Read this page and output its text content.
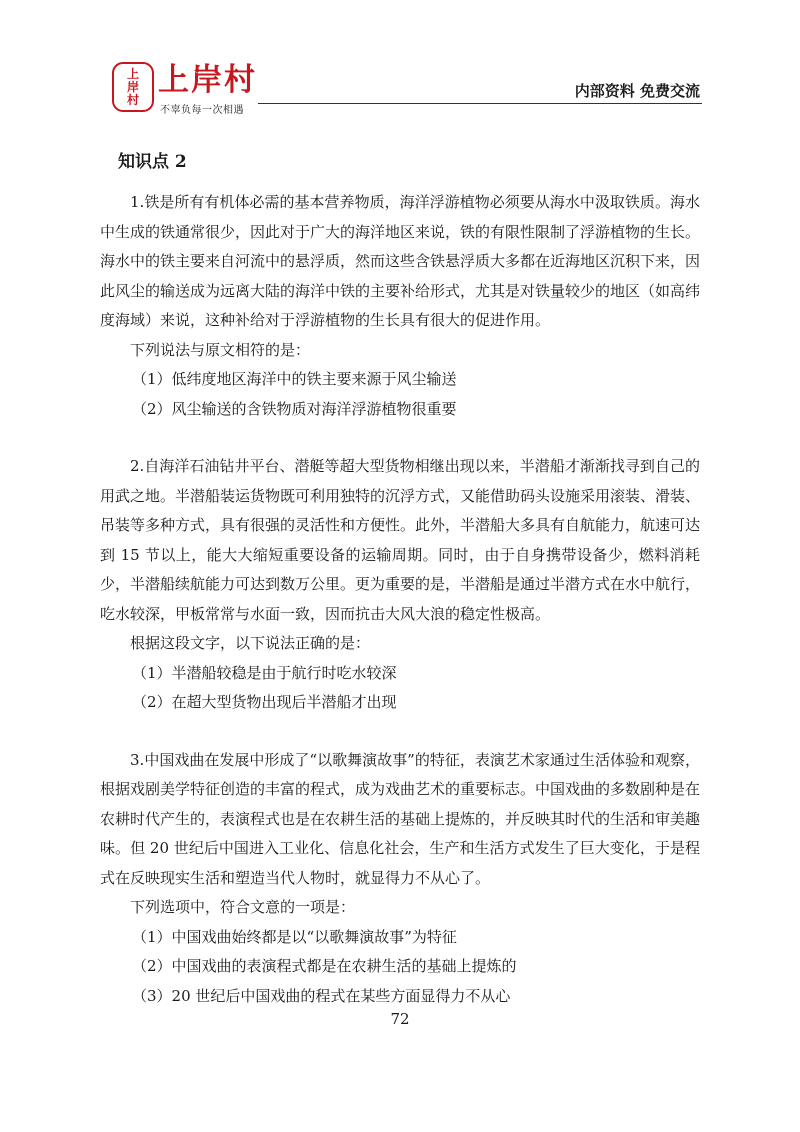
上
岸
村
上岸村
不辜负每一次相遇
内部资料 免费交流
知识点 2

1.铁是所有有机体必需的基本营养物质，海洋浮游植物必须要从海水中汲取铁质。海水中生成的铁通常很少，因此对于广大的海洋地区来说，铁的有限性限制了浮游植物的生长。海水中的铁主要来自河流中的悬浮质，然而这些含铁悬浮质大多都在近海地区沉积下来，因此风尘的输送成为远离大陆的海洋中铁的主要补给形式，尤其是对铁量较少的地区（如高纬度海域）来说，这种补给对于浮游植物的生长具有很大的促进作用。

下列说法与原文相符的是：

（1）低纬度地区海洋中的铁主要来源于风尘输送

（2）风尘输送的含铁物质对海洋浮游植物很重要

2.自海洋石油钻井平台、潜艇等超大型货物相继出现以来，半潜船才渐渐找寻到自己的用武之地。半潜船装运货物既可利用独特的沉浮方式，又能借助码头设施采用滚装、滑装、吊装等多种方式，具有很强的灵活性和方便性。此外，半潜船大多具有自航能力，航速可达到 15 节以上，能大大缩短重要设备的运输周期。同时，由于自身携带设备少，燃料消耗少，半潜船续航能力可达到数万公里。更为重要的是，半潜船是通过半潜方式在水中航行，吃水较深，甲板常常与水面一致，因而抗击大风大浪的稳定性极高。

根据这段文字，以下说法正确的是：

（1）半潜船较稳是由于航行时吃水较深

（2）在超大型货物出现后半潜船才出现

3.中国戏曲在发展中形成了“以歌舞演故事”的特征，表演艺术家通过生活体验和观察，根据戏剧美学特征创造的丰富的程式，成为戏曲艺术的重要标志。中国戏曲的多数剧种是在农耕时代产生的，表演程式也是在农耕生活的基础上提炼的，并反映其时代的生活和审美趣味。但 20 世纪后中国进入工业化、信息化社会，生产和生活方式发生了巨大变化，于是程式在反映现实生活和塑造当代人物时，就显得力不从心了。

下列选项中，符合文意的一项是：

（1）中国戏曲始终都是以“以歌舞演故事”为特征

（2）中国戏曲的表演程式都是在农耕生活的基础上提炼的

（3）20 世纪后中国戏曲的程式在某些方面显得力不从心

72
